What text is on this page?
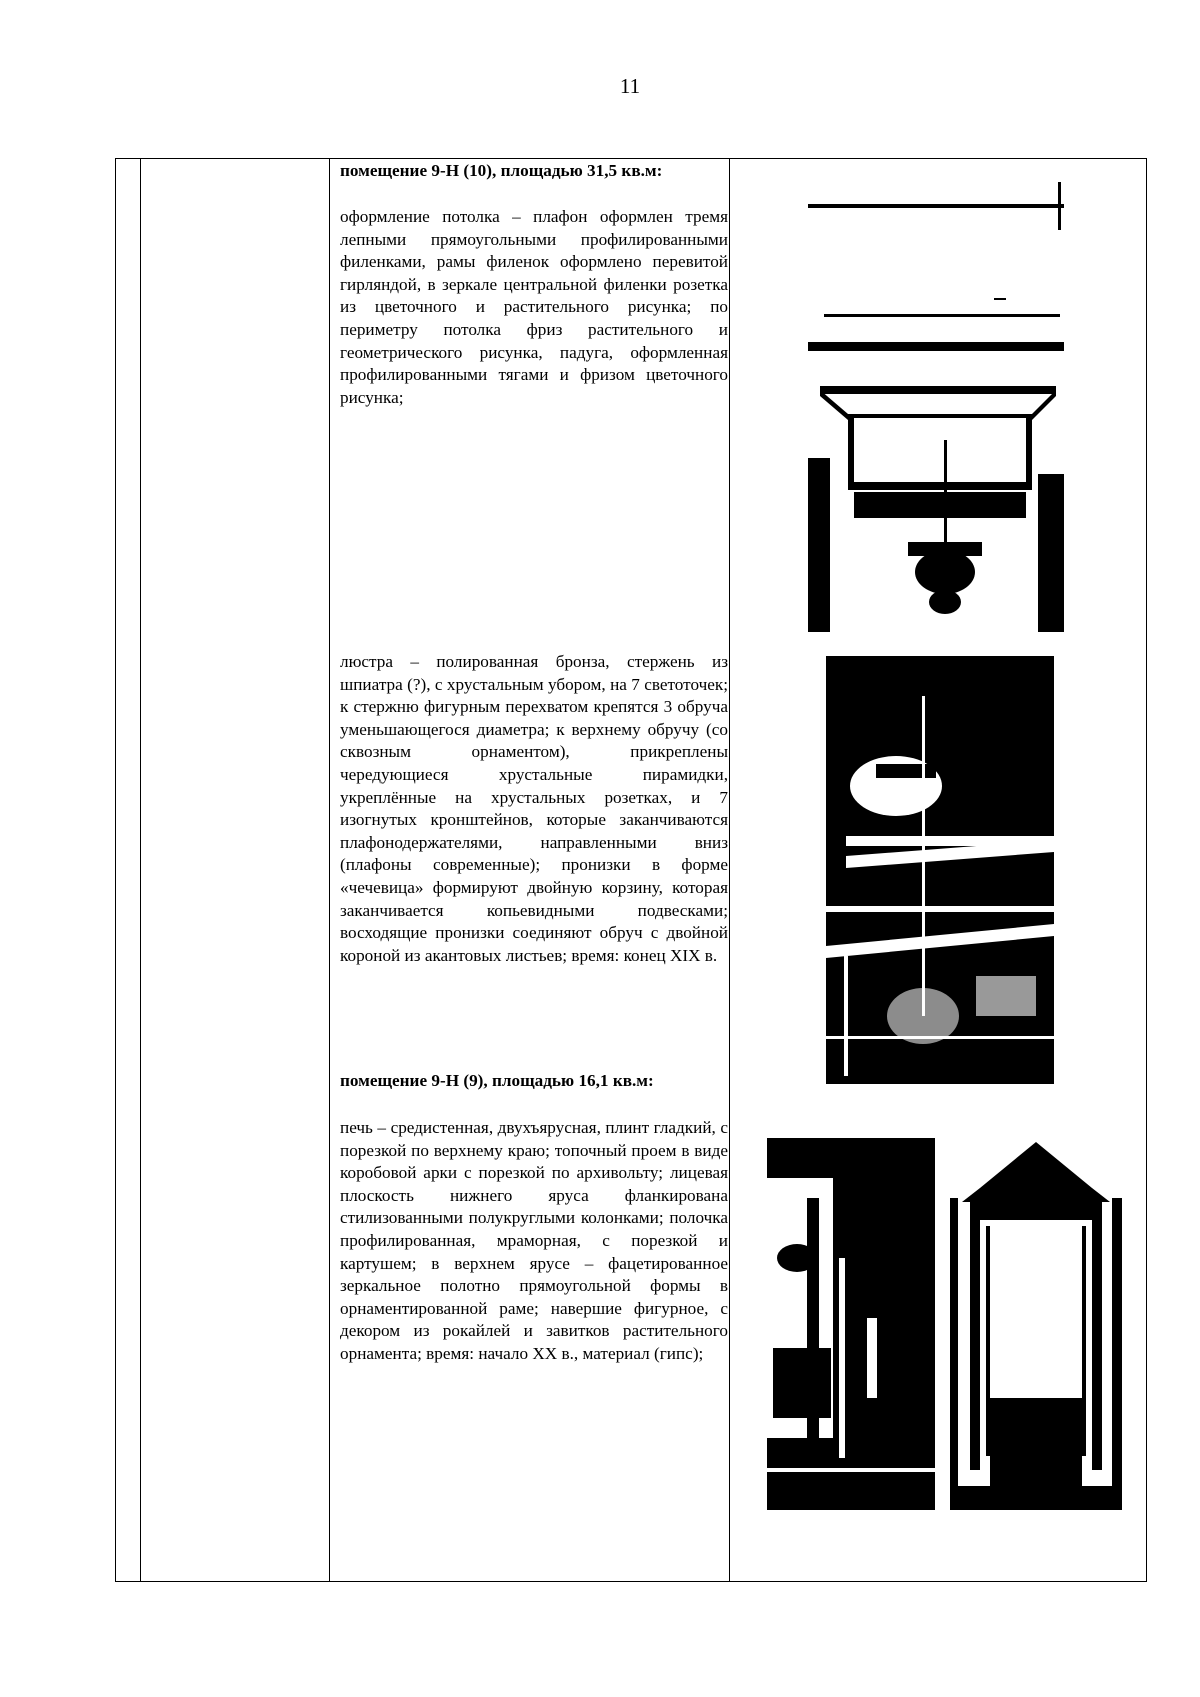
11
помещение 9-Н (10), площадью 31,5 кв.м:
оформление потолка – плафон оформлен тремя лепными прямоугольными профилированными филенками, рамы филенок оформлено перевитой гирляндой, в зеркале центральной филенки розетка из цветочного и растительного рисунка; по периметру потолка фриз растительного и геометрического рисунка, падуга, оформленная профилированными тягами и фризом цветочного рисунка;
люстра – полированная бронза, стержень из шпиатра (?), с хрустальным убором, на 7 светоточек; к стержню фигурным перехватом крепятся 3 обруча уменьшающегося диаметра; к верхнему обручу (со сквозным орнаментом), прикреплены чередующиеся хрустальные пирамидки, укреплённые на хрустальных розетках, и 7 изогнутых кронштейнов, которые заканчиваются плафонодержателями, направленными вниз (плафоны современные); пронизки в форме «чечевица» формируют двойную корзину, которая заканчивается копьевидными подвесками; восходящие пронизки соединяют обруч с двойной короной из акантовых листьев; время: конец XIX в.
помещение 9-Н (9), площадью 16,1 кв.м:
печь – средистенная, двухъярусная, плинт гладкий, с порезкой по верхнему краю; топочный проем в виде коробовой арки с порезкой по архивольту; лицевая плоскость нижнего яруса фланкирована стилизованными полукруглыми колонками; полочка профилированная, мраморная, с порезкой и картушем; в верхнем ярусе – фацетированное зеркальное полотно прямоугольной формы в орнаментированной раме; навершие фигурное, с декором из рокайлей и завитков растительного орнамента; время: начало XX в., материал (гипс);
